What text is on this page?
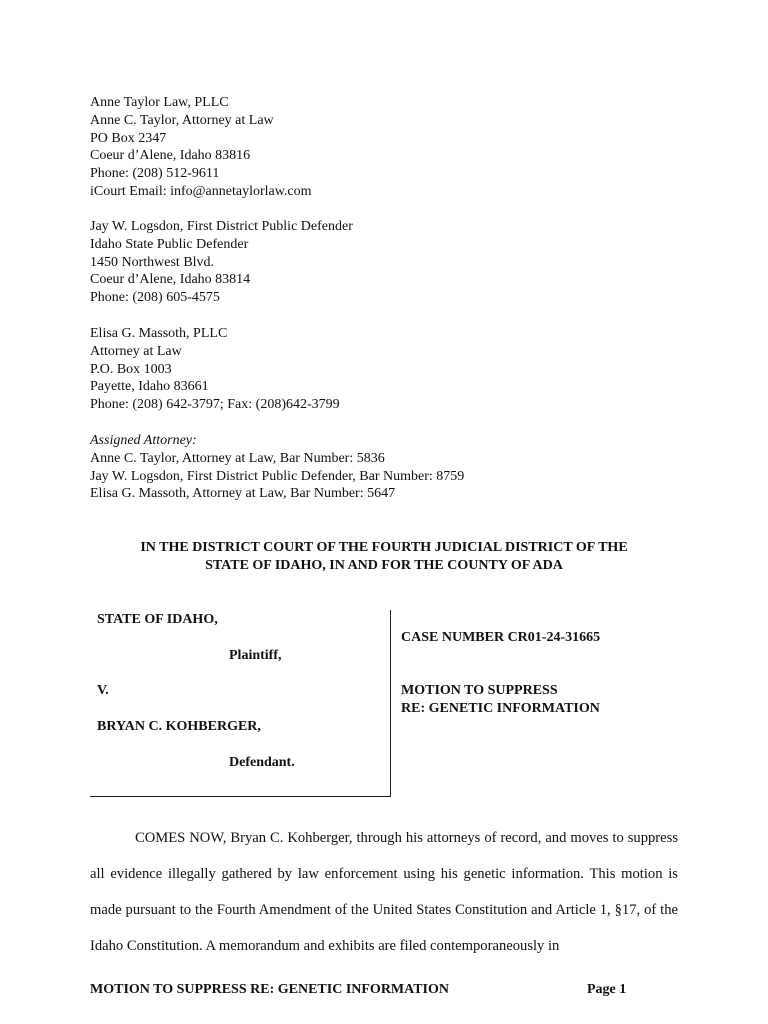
Anne Taylor Law, PLLC
Anne C. Taylor, Attorney at Law
PO Box 2347
Coeur d’Alene, Idaho 83816
Phone: (208) 512-9611
iCourt Email: info@annetaylorlaw.com
Jay W. Logsdon, First District Public Defender
Idaho State Public Defender
1450 Northwest Blvd.
Coeur d’Alene, Idaho 83814
Phone: (208) 605-4575
Elisa G. Massoth, PLLC
Attorney at Law
P.O. Box 1003
Payette, Idaho 83661
Phone: (208) 642-3797; Fax: (208)642-3799
Assigned Attorney:
Anne C. Taylor, Attorney at Law, Bar Number: 5836
Jay W. Logsdon, First District Public Defender, Bar Number: 8759
Elisa G. Massoth, Attorney at Law, Bar Number: 5647
IN THE DISTRICT COURT OF THE FOURTH JUDICIAL DISTRICT OF THE
STATE OF IDAHO, IN AND FOR THE COUNTY OF ADA
STATE OF IDAHO,
Plaintiff,
V.
BRYAN C. KOHBERGER,
Defendant.
CASE NUMBER CR01-24-31665
MOTION TO SUPPRESS
RE: GENETIC INFORMATION
COMES NOW, Bryan C. Kohberger, through his attorneys of record, and moves to suppress all evidence illegally gathered by law enforcement using his genetic information. This motion is made pursuant to the Fourth Amendment of the United States Constitution and Article 1, §17, of the Idaho Constitution. A memorandum and exhibits are filed contemporaneously in
MOTION TO SUPPRESS RE: GENETIC INFORMATION	Page 1
